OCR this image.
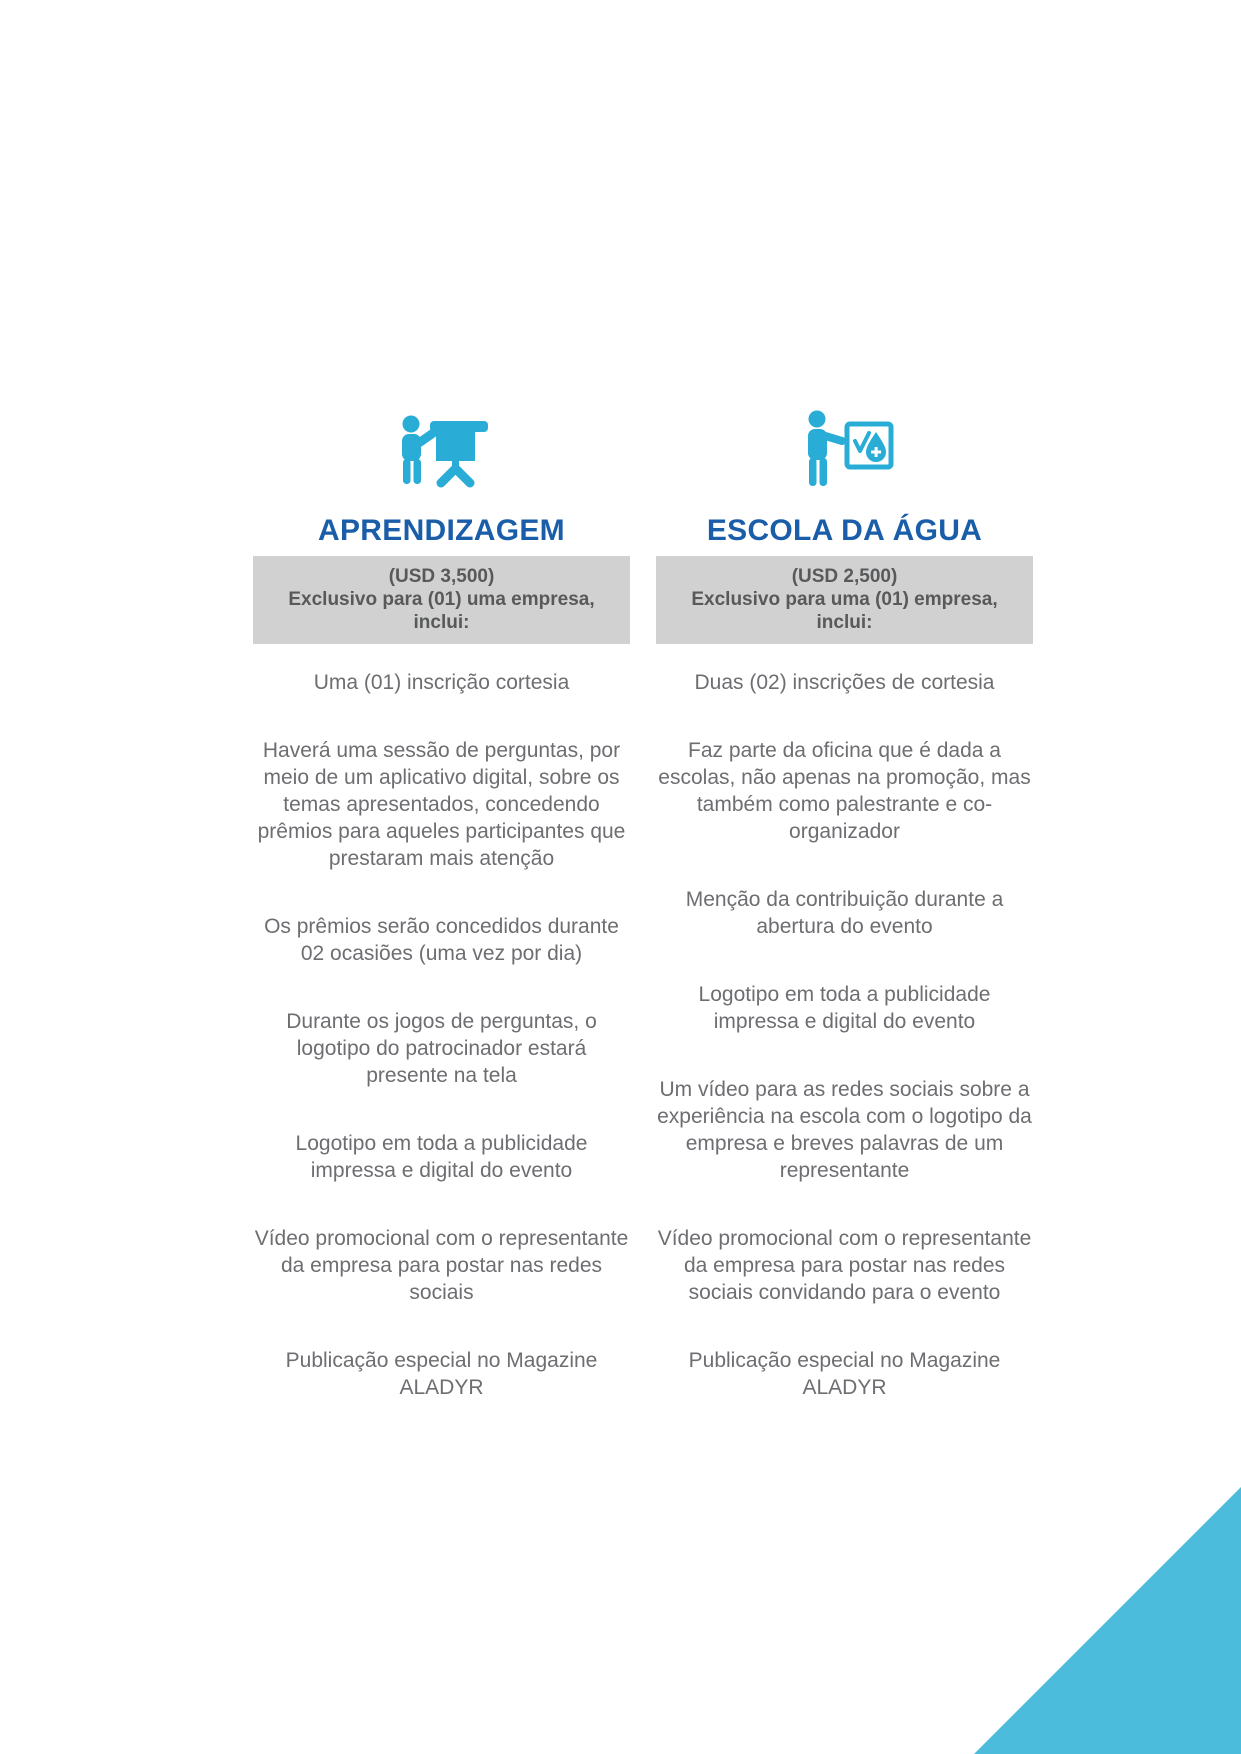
APRENDIZAGEM
(USD 3,500)
Exclusivo para (01) uma empresa,
inclui:

Uma (01) inscrição cortesia

Haverá uma sessão de perguntas, por meio de um aplicativo digital, sobre os temas apresentados, concedendo prêmios para aqueles participantes que prestaram mais atenção

Os prêmios serão concedidos durante 02 ocasiões (uma vez por dia)

Durante os jogos de perguntas, o logotipo do patrocinador estará presente na tela

Logotipo em toda a publicidade impressa e digital do evento

Vídeo promocional com o representante da empresa para postar nas redes sociais

Publicação especial no Magazine ALADYR

ESCOLA DA ÁGUA
(USD 2,500)
Exclusivo para uma (01) empresa,
inclui:

Duas (02) inscrições de cortesia

Faz parte da oficina que é dada a escolas, não apenas na promoção, mas também como palestrante e co-organizador

Menção da contribuição durante a abertura do evento

Logotipo em toda a publicidade impressa e digital do evento

Um vídeo para as redes sociais sobre a experiência na escola com o logotipo da empresa e breves palavras de um representante

Vídeo promocional com o representante da empresa para postar nas redes sociais convidando para o evento

Publicação especial no Magazine ALADYR
